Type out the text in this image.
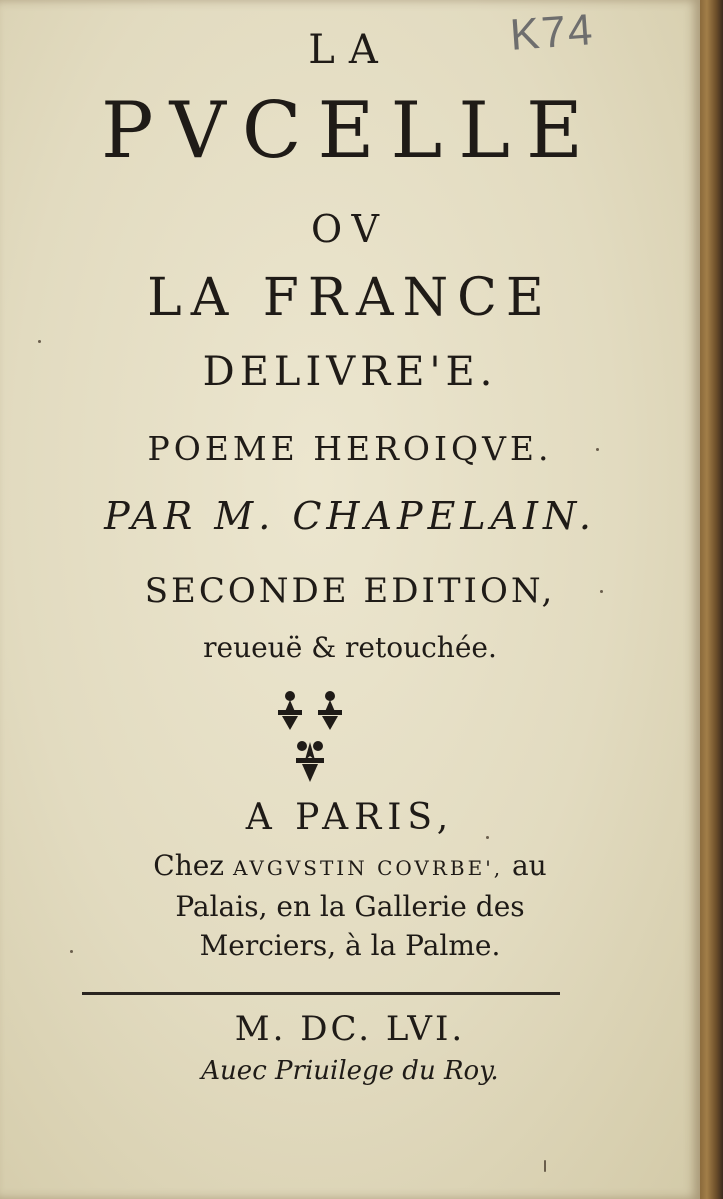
K74
LA
PVCELLE
OV
LA FRANCE
DELIVRE'E.
POEME HEROIQVE.
PAR M. CHAPELAIN.
SECONDE EDITION,
reueuë & retouchée.
A PARIS,
Chez AVGVSTIN COVRBE', au
Palais, en la Gallerie des
Merciers, à la Palme.
M. DC. LVI.
Auec Priuilege du Roy.
